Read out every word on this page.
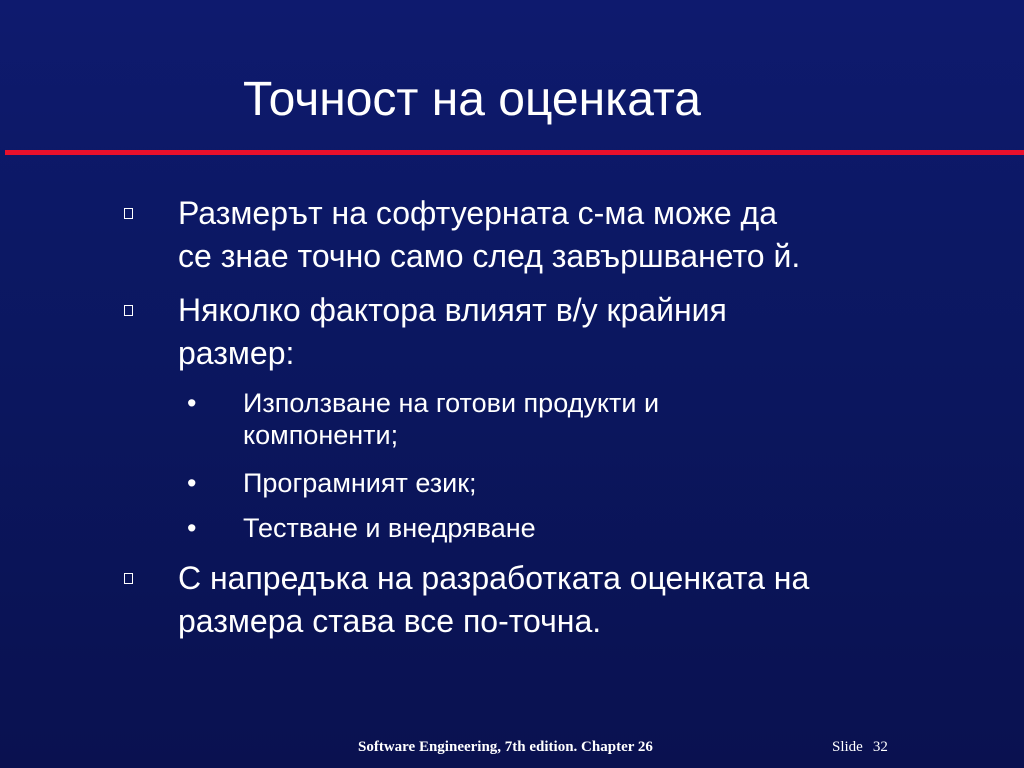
Точност на оценката
Размерът на софтуерната с-ма може да
се знае точно само след завършването й.
Няколко фактора влияят в/у крайния
размер:
• Използване на готови продукти и
компоненти;
• Програмният език;
• Тестване и внедряване
С напредъка на разработката оценката на
размера става все по-точна.
Software Engineering, 7th edition. Chapter 26	Slide 32
